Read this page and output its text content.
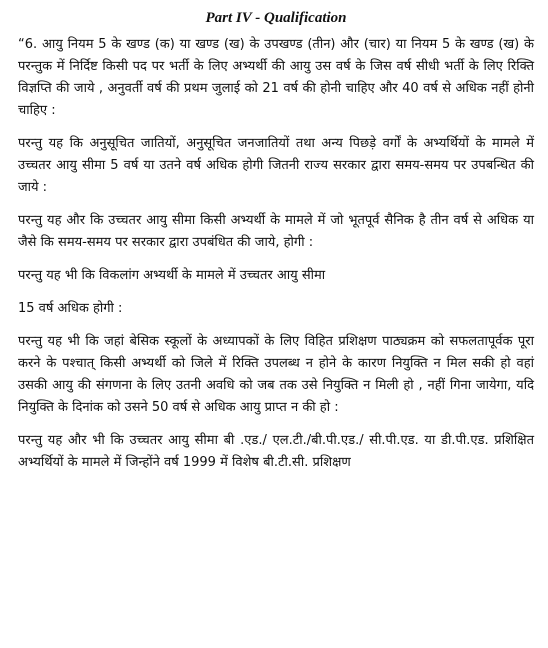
Part IV - Qualification

“6. आयु नियम 5 के खण्ड (क) या खण्ड (ख) के उपखण्ड (तीन) और (चार) या नियम 5 के खण्ड (ख) के परन्तुक में निर्दिष्ट किसी पद पर भर्ती के लिए अभ्यर्थी की आयु उस वर्ष के जिस वर्ष सीधी भर्ती के लिए रिक्ति विज्ञप्ति की जाये , अनुवर्ती वर्ष की प्रथम जुलाई को 21 वर्ष की होनी चाहिए और 40 वर्ष से अधिक नहीं होनी चाहिए :

परन्तु यह कि अनुसूचित जातियों, अनुसूचित जनजातियों तथा अन्य पिछड़े वर्गों के अभ्यर्थियों के मामले में उच्चतर आयु सीमा 5 वर्ष या उतने वर्ष अधिक होगी जितनी राज्य सरकार द्वारा समय-समय पर उपबन्धित की जाये :

परन्तु यह और कि उच्चतर आयु सीमा किसी अभ्यर्थी के मामले में जो भूतपूर्व सैनिक है तीन वर्ष से अधिक या जैसे कि समय-समय पर सरकार द्वारा उपबंधित की जाये, होगी :

परन्तु यह भी कि विकलांग अभ्यर्थी के मामले में उच्चतर आयु सीमा

15 वर्ष अधिक होगी :

परन्तु यह भी कि जहां बेसिक स्कूलों के अध्यापकों के लिए विहित प्रशिक्षण पाठ्यक्रम को सफलतापूर्वक पूरा करने के पश्चात् किसी अभ्यर्थी को जिले में रिक्ति उपलब्ध न होने के कारण नियुक्ति न मिल सकी हो वहां उसकी आयु की संगणना के लिए उतनी अवधि को जब तक उसे नियुक्ति न मिली हो , नहीं गिना जायेगा, यदि नियुक्ति के दिनांक को उसने 50 वर्ष से अधिक आयु प्राप्त न की हो :

परन्तु यह और भी कि उच्चतर आयु सीमा बी .एड./ एल.टी./बी.पी.एड./ सी.पी.एड. या डी.पी.एड. प्रशिक्षित अभ्यर्थियों के मामले में जिन्होंने वर्ष 1999 में विशेष बी.टी.सी. प्रशिक्षण
